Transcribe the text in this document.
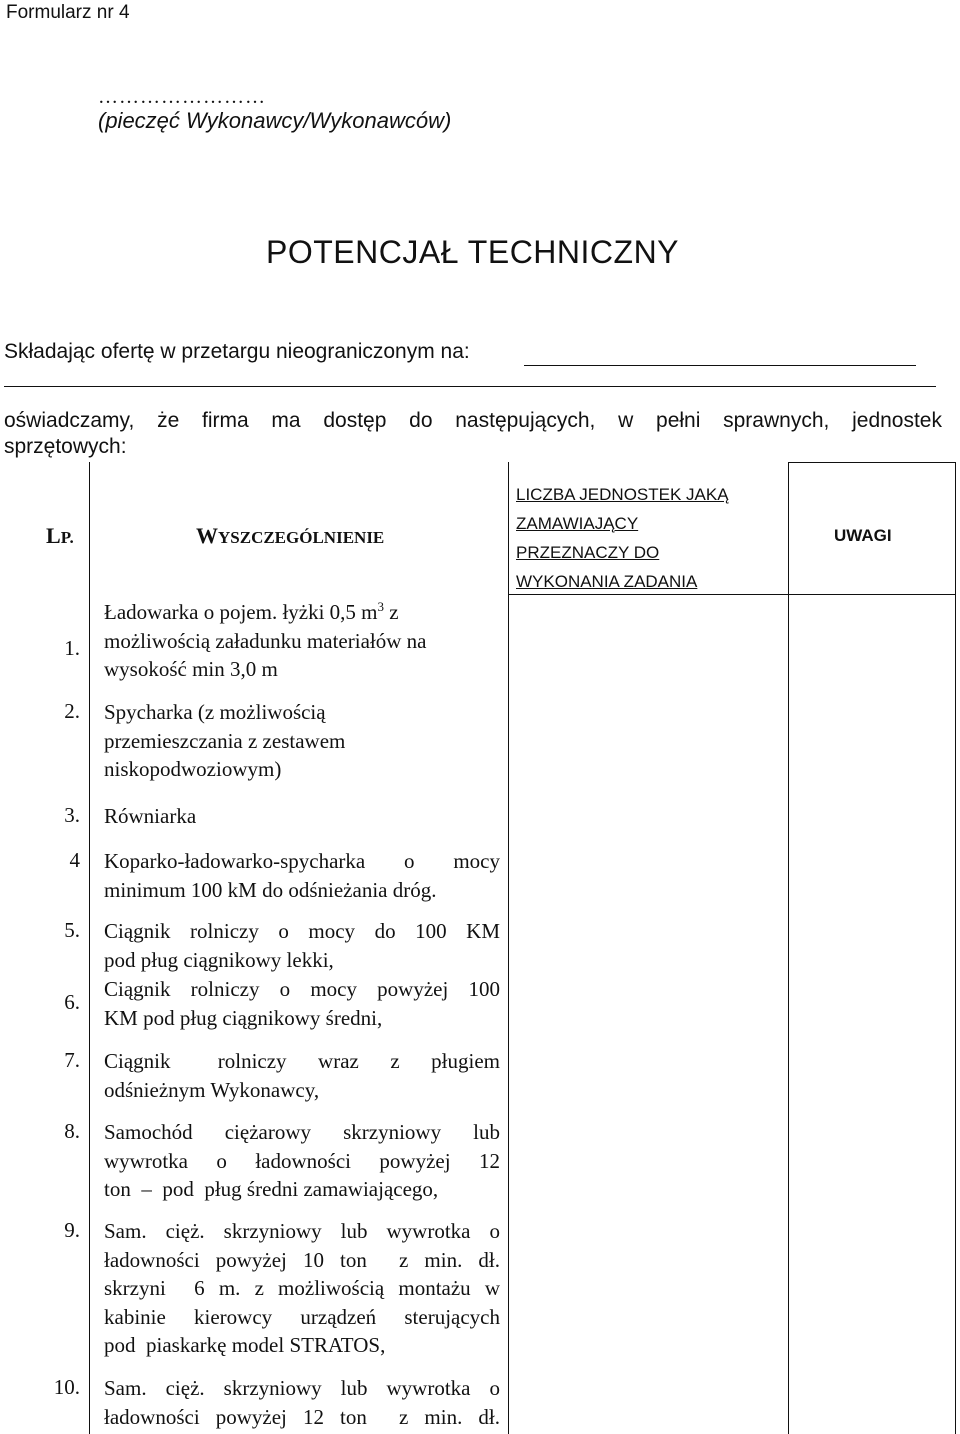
Formularz nr 4
……………………
(pieczęć Wykonawcy/Wykonawców)
POTENCJAŁ TECHNICZNY
Składając ofertę w przetargu nieograniczonym na:
oświadczamy, że firma ma dostęp do następujących, w pełni sprawnych, jednostek
sprzętowych:
LP.	WYSZCZEGÓLNIENIE
LICZBA JEDNOSTEK JAKĄ
ZAMAWIAJĄCY
PRZEZNACZY DO
WYKONANIA ZADANIA
UWAGI
1.
Ładowarka o pojem. łyżki 0,5 $m^3$ z
możliwością załadunku materiałów na
wysokość min 3,0 m
2. Spycharka (z możliwością
przemieszczania z zestawem
niskopodwoziowym)
3. Równiarka
4 Koparko-ładowarko-spycharka o mocy
minimum 100 kM do odśnieżania dróg.
5. Ciągnik rolniczy o mocy do 100 KM
pod pług ciągnikowy lekki,
6.
Ciągnik rolniczy o mocy powyżej 100
KM pod pług ciągnikowy średni,
7. Ciągnik   rolniczy  wraz  z  pługiem
odśnieżnym Wykonawcy,
8. Samochód ciężarowy skrzyniowy lub
wywrotka o ładowności powyżej 12
ton  –  pod  pług średni zamawiającego,
9. Sam. cięż. skrzyniowy lub wywrotka o
ładowności powyżej 10 ton  z min. dł.
skrzyni  6 m. z możliwością montażu w
kabinie kierowcy urządzeń sterujących
pod  piaskarkę model STRATOS,
10. Sam. cięż. skrzyniowy lub wywrotka o
ładowności powyżej 12 ton  z min. dł.
